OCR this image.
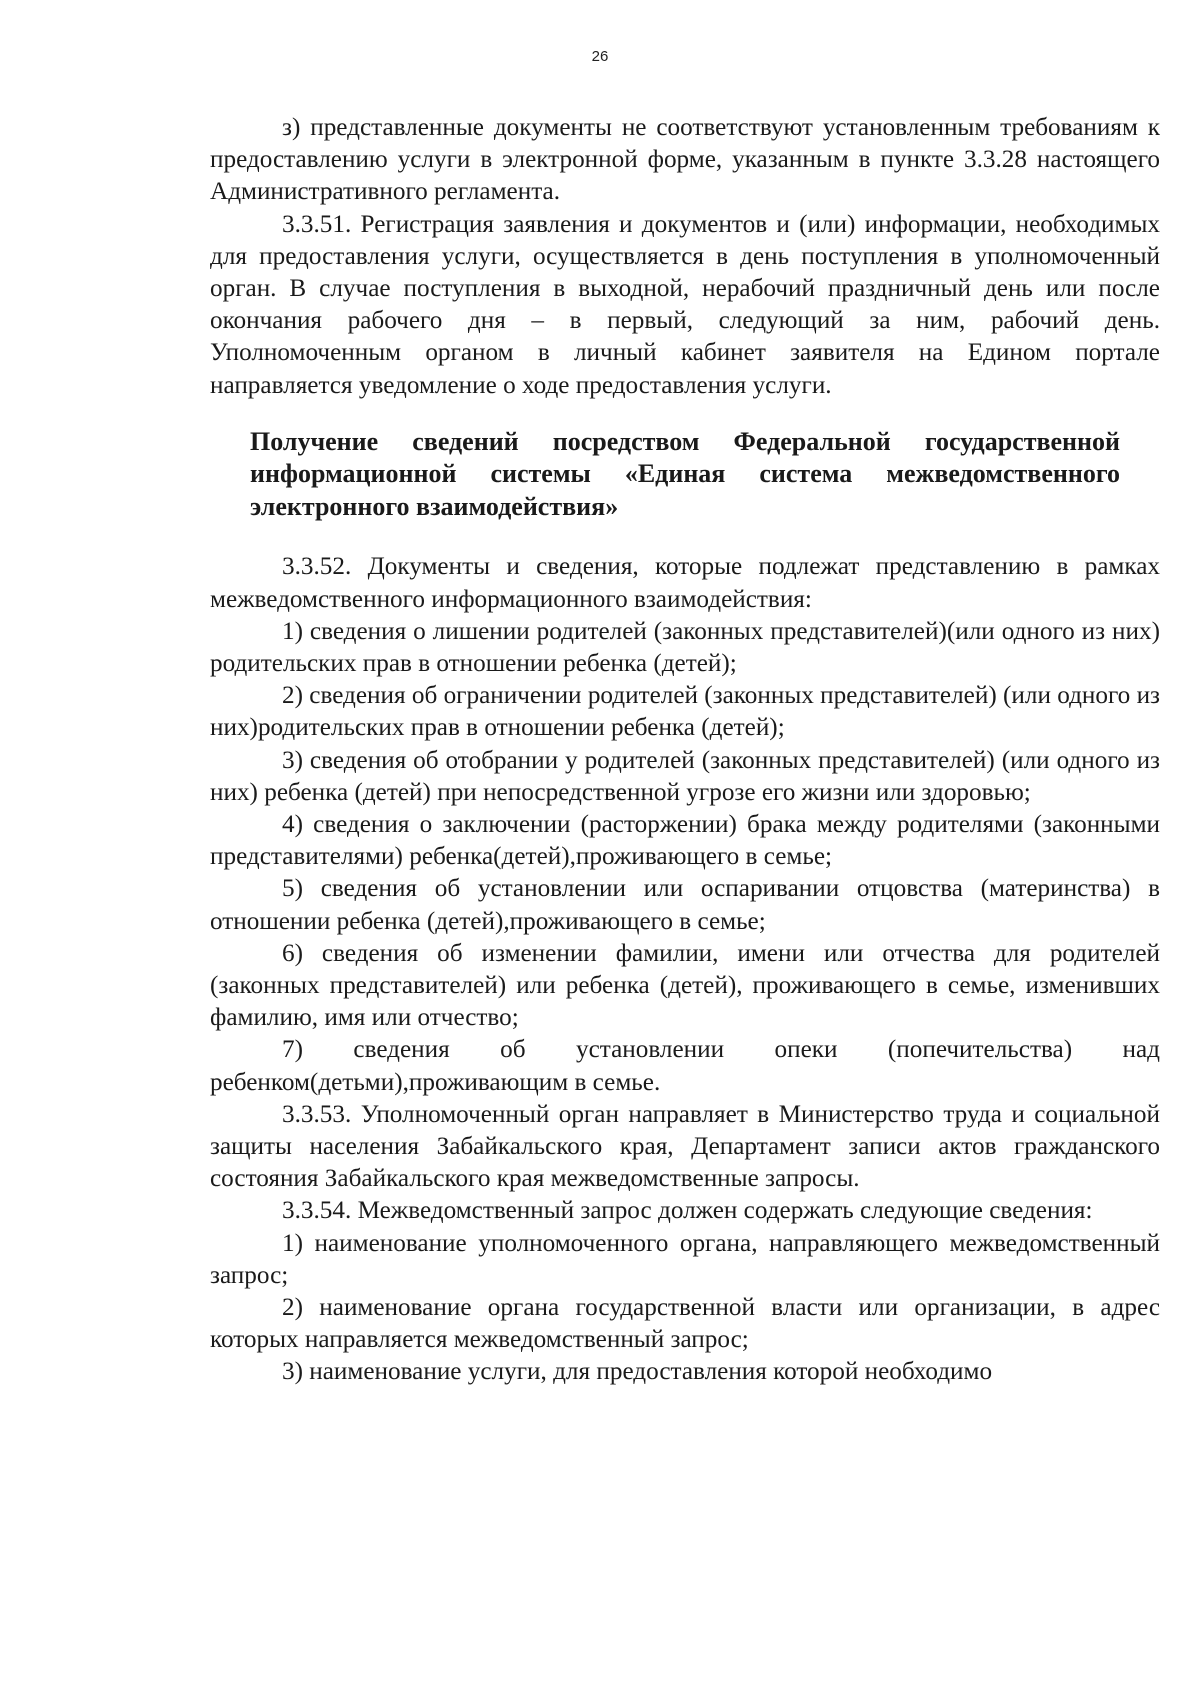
26

з) представленные документы не соответствуют установленным требованиям к предоставлению услуги в электронной форме, указанным в пункте 3.3.28 настоящего Административного регламента.

3.3.51. Регистрация заявления и документов и (или) информации, необходимых для предоставления услуги, осуществляется в день поступления в уполномоченный орган. В случае поступления в выходной, нерабочий праздничный день или после окончания рабочего дня – в первый, следующий за ним, рабочий день. Уполномоченным органом в личный кабинет заявителя на Едином портале направляется уведомление о ходе предоставления услуги.

Получение сведений посредством Федеральной государственной информационной системы «Единая система межведомственного электронного взаимодействия»

3.3.52. Документы и сведения, которые подлежат представлению в рамках межведомственного информационного взаимодействия:

1) сведения о лишении родителей (законных представителей)(или одного из них) родительских прав в отношении ребенка (детей);

2) сведения об ограничении родителей (законных представителей) (или одного из них)родительских прав в отношении ребенка (детей);

3) сведения об отобрании у родителей (законных представителей) (или одного из них) ребенка (детей) при непосредственной угрозе его жизни или здоровью;

4) сведения о заключении (расторжении) брака между родителями (законными представителями) ребенка(детей),проживающего в семье;

5) сведения об установлении или оспаривании отцовства (материнства) в отношении ребенка (детей),проживающего в семье;

6) сведения об изменении фамилии, имени или отчества для родителей (законных представителей) или ребенка (детей), проживающего в семье, изменивших фамилию, имя или отчество;

7) сведения об установлении опеки (попечительства) над ребенком(детьми),проживающим в семье.

3.3.53. Уполномоченный орган направляет в Министерство труда и социальной защиты населения Забайкальского края, Департамент записи актов гражданского состояния Забайкальского края межведомственные запросы.

3.3.54. Межведомственный запрос должен содержать следующие сведения:

1) наименование уполномоченного органа, направляющего межведомственный запрос;

2) наименование органа государственной власти или организации, в адрес которых направляется межведомственный запрос;

3) наименование услуги, для предоставления которой необходимо
